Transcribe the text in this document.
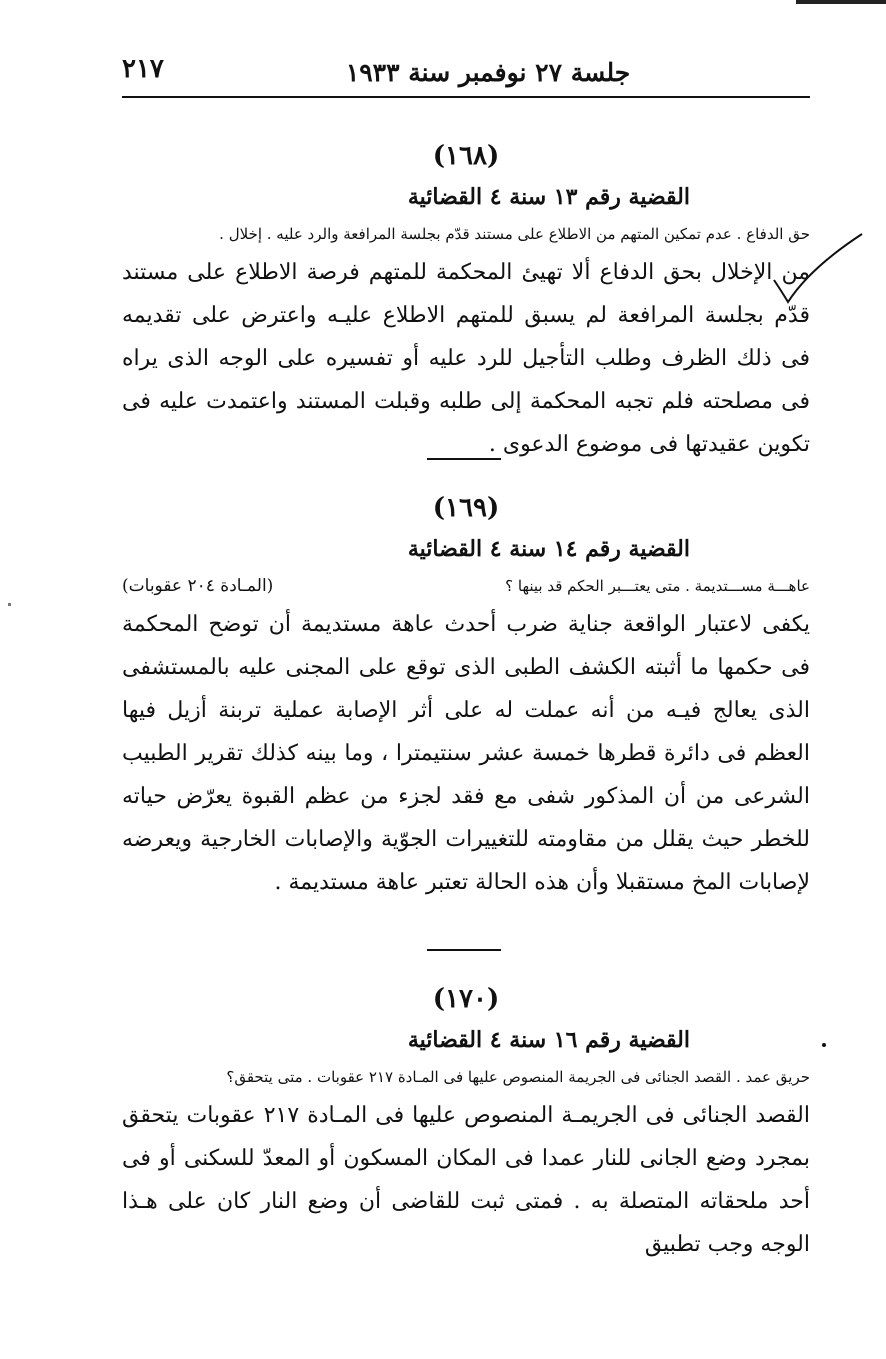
جلسة ٢٧ نوفمبر سنة ١٩٣٣
٢١٧
(١٦٨)
القضية رقم ١٣ سنة ٤ القضائية
حق الدفاع . عدم تمكين المتهم من الاطلاع على مستند قدّم بجلسة المرافعة والرد عليه . إخلال .
من الإخلال بحق الدفاع ألا تهيئ المحكمة للمتهم فرصة الاطلاع على مستند قدّم بجلسة المرافعة لم يسبق للمتهم الاطلاع عليـه واعترض على تقديمه فى ذلك الظرف وطلب التأجيل للرد عليه أو تفسيره على الوجه الذى يراه فى مصلحته فلم تجبه المحكمة إلى طلبه وقبلت المستند واعتمدت عليه فى تكوين عقيدتها فى موضوع الدعوى .
(١٦٩)
القضية رقم ١٤ سنة ٤ القضائية
عاهـــة مســـتديمة . متى يعتـــبر الحكم قد بينها ؟
(المـادة ٢٠٤ عقوبات)
يكفى لاعتبار الواقعة جناية ضرب أحدث عاهة مستديمة أن توضح المحكمة فى حكمها ما أثبته الكشف الطبى الذى توقع على المجنى عليه بالمستشفى الذى يعالج فيـه من أنه عملت له على أثر الإصابة عملية تربنة أزيل فيها العظم فى دائرة قطرها خمسة عشر سنتيمترا ، وما بينه كذلك تقرير الطبيب الشرعى من أن المذكور شفى مع فقد لجزء من عظم القبوة يعرّض حياته للخطر حيث يقلل من مقاومته للتغييرات الجوّية والإصابات الخارجية ويعرضه لإصابات المخ مستقبلا وأن هذه الحالة تعتبر عاهة مستديمة .
(١٧٠)
القضية رقم ١٦ سنة ٤ القضائية
حريق عمد . القصد الجنائى فى الجريمة المنصوص عليها فى المـادة ٢١٧ عقوبات . متى يتحقق؟
القصد الجنائى فى الجريمـة المنصوص عليها فى المـادة ٢١٧ عقوبات يتحقق بمجرد وضع الجانى للنار عمدا فى المكان المسكون أو المعدّ للسكنى أو فى أحد ملحقاته المتصلة به . فمتى ثبت للقاضى أن وضع النار كان على هـذا الوجه وجب تطبيق
